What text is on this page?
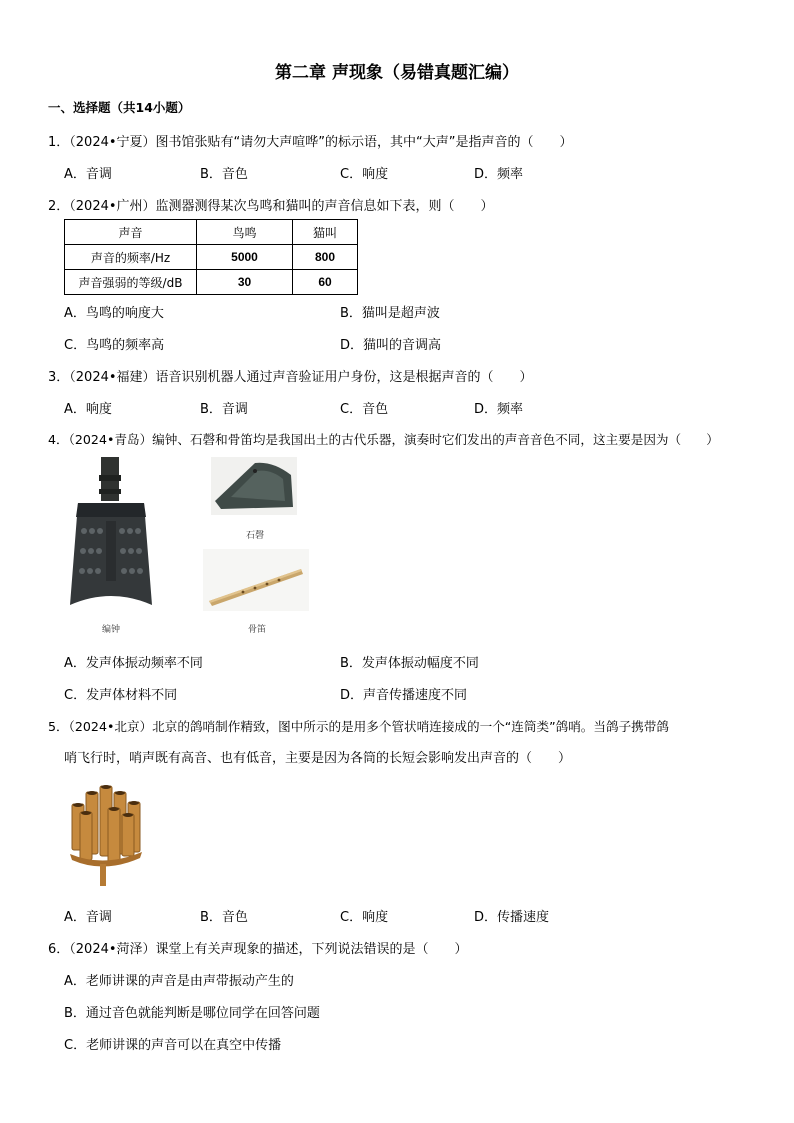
第二章 声现象（易错真题汇编）
一、选择题（共14小题）
1．（2024•宁夏）图书馆张贴有“请勿大声喧哗”的标示语，其中“大声”是指声音的（　　）
A．音调	B．音色	C．响度	D．频率
2．（2024•广州）监测器测得某次鸟鸣和猫叫的声音信息如下表，则（　　）
声音	鸟鸣	猫叫
声音的频率/Hz	5000	800
声音强弱的等级/dB	30	60
A．鸟鸣的响度大	B．猫叫是超声波
C．鸟鸣的频率高	D．猫叫的音调高
3．（2024•福建）语音识别机器人通过声音验证用户身份，这是根据声音的（　　）
A．响度	B．音调	C．音色	D．频率
4．（2024•青岛）编钟、石磬和骨笛均是我国出土的古代乐器，演奏时它们发出的声音音色不同，这主要是因为（　　）
编钟
石磬
骨笛
A．发声体振动频率不同	B．发声体振动幅度不同
C．发声体材料不同	D．声音传播速度不同
5．（2024•北京）北京的鸽哨制作精致，图中所示的是用多个管状哨连接成的一个“连筒类”鸽哨。当鸽子携带鸽
哨飞行时，哨声既有高音、也有低音，主要是因为各筒的长短会影响发出声音的（　　）
A．音调	B．音色	C．响度	D．传播速度
6．（2024•菏泽）课堂上有关声现象的描述，下列说法错误的是（　　）
A．老师讲课的声音是由声带振动产生的
B．通过音色就能判断是哪位同学在回答问题
C．老师讲课的声音可以在真空中传播
